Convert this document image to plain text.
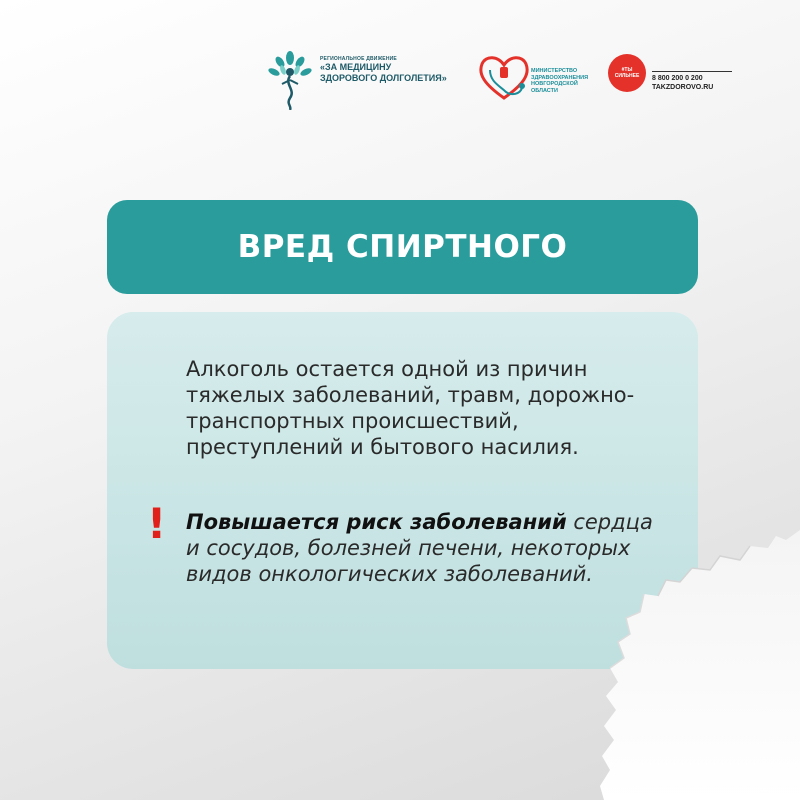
РЕГИОНАЛЬНОЕ ДВИЖЕНИЕ
«ЗА МЕДИЦИНУ
ЗДОРОВОГО ДОЛГОЛЕТИЯ»
МИНИСТЕРСТВО
ЗДРАВООХРАНЕНИЯ
НОВГОРОДСКОЙ
ОБЛАСТИ
#ТЫ
СИЛЬНЕЕ 8 800 200 0 200
TAKZDOROVO.RU
ВРЕД СПИРТНОГО

Алкоголь остается одной из причин тяжелых заболеваний, травм, дорожно-транспортных происшествий, преступлений и бытового насилия.

! Повышается риск заболеваний сердца и сосудов, болезней печени, некоторых видов онкологических заболеваний.
